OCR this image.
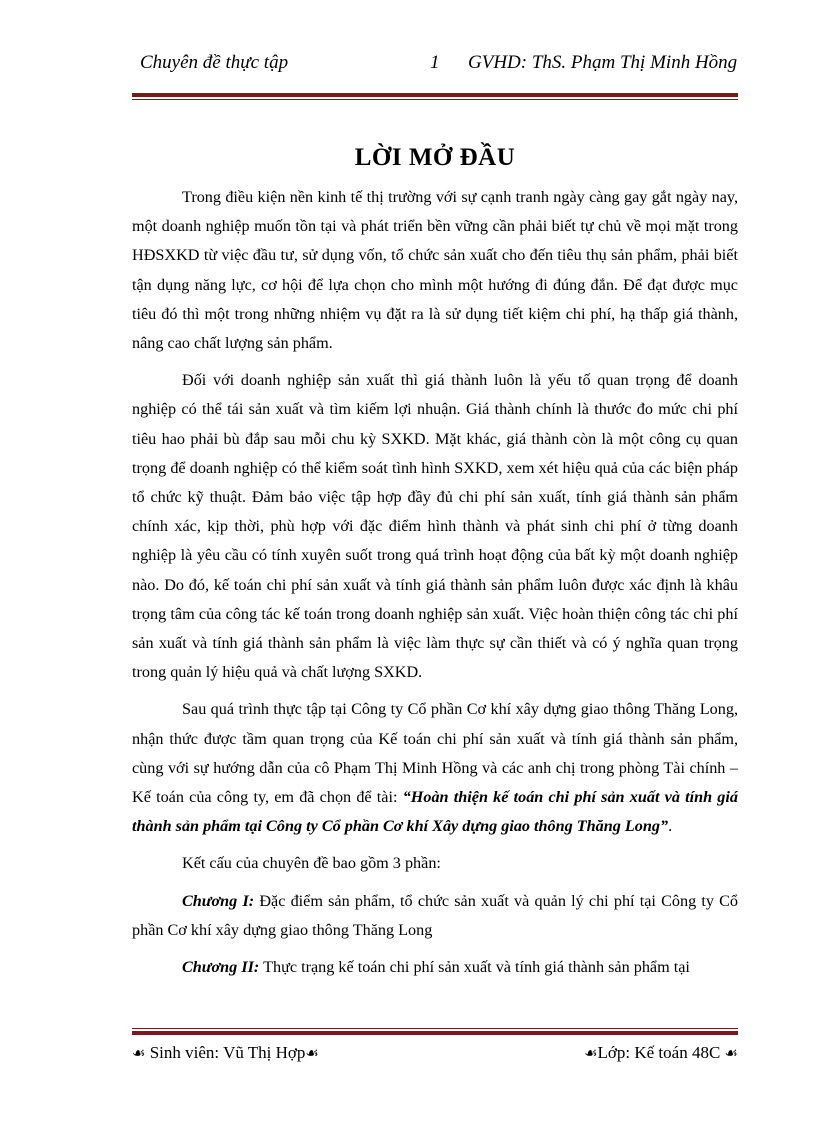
Chuyên đề thực tập	1 GVHD: ThS. Phạm Thị Minh Hồng
LỜI MỞ ĐẦU

Trong điều kiện nền kinh tế thị trường với sự cạnh tranh ngày càng gay gắt ngày nay, một doanh nghiệp muốn tồn tại và phát triển bền vững cần phải biết tự chủ về mọi mặt trong HĐSXKD từ việc đầu tư, sử dụng vốn, tổ chức sản xuất cho đến tiêu thụ sản phẩm, phải biết tận dụng năng lực, cơ hội để lựa chọn cho mình một hướng đi đúng đắn. Để đạt được mục tiêu đó thì một trong những nhiệm vụ đặt ra là sử dụng tiết kiệm chi phí, hạ thấp giá thành, nâng cao chất lượng sản phẩm.

Đối với doanh nghiệp sản xuất thì giá thành luôn là yếu tố quan trọng để doanh nghiệp có thể tái sản xuất và tìm kiếm lợi nhuận. Giá thành chính là thước đo mức chi phí tiêu hao phải bù đắp sau mỗi chu kỳ SXKD. Mặt khác, giá thành còn là một công cụ quan trọng để doanh nghiệp có thể kiểm soát tình hình SXKD, xem xét hiệu quả của các biện pháp tổ chức kỹ thuật. Đảm bảo việc tập hợp đầy đủ chi phí sản xuất, tính giá thành sản phẩm chính xác, kịp thời, phù hợp với đặc điểm hình thành và phát sinh chi phí ở từng doanh nghiệp là yêu cầu có tính xuyên suốt trong quá trình hoạt động của bất kỳ một doanh nghiệp nào. Do đó, kế toán chi phí sản xuất và tính giá thành sản phẩm luôn được xác định là khâu trọng tâm của công tác kế toán trong doanh nghiệp sản xuất. Việc hoàn thiện công tác chi phí sản xuất và tính giá thành sản phẩm là việc làm thực sự cần thiết và có ý nghĩa quan trọng trong quản lý hiệu quả và chất lượng SXKD.

Sau quá trình thực tập tại Công ty Cổ phần Cơ khí xây dựng giao thông Thăng Long, nhận thức được tầm quan trọng của Kế toán chi phí sản xuất và tính giá thành sản phẩm, cùng với sự hướng dẫn của cô Phạm Thị Minh Hồng và các anh chị trong phòng Tài chính – Kế toán của công ty, em đã chọn để tài: “Hoàn thiện kế toán chi phí sản xuất và tính giá thành sản phẩm tại Công ty Cổ phần Cơ khí Xây dựng giao thông Thăng Long”.

Kết cấu của chuyên đề bao gồm 3 phần:

Chương I: Đặc điểm sản phẩm, tổ chức sản xuất và quản lý chi phí tại Công ty Cổ phần Cơ khí xây dựng giao thông Thăng Long

Chương II: Thực trạng kế toán chi phí sản xuất và tính giá thành sản phẩm tại

☙ Sinh viên: Vũ Thị Hợp☙	☙Lớp: Kế toán 48C ☙
